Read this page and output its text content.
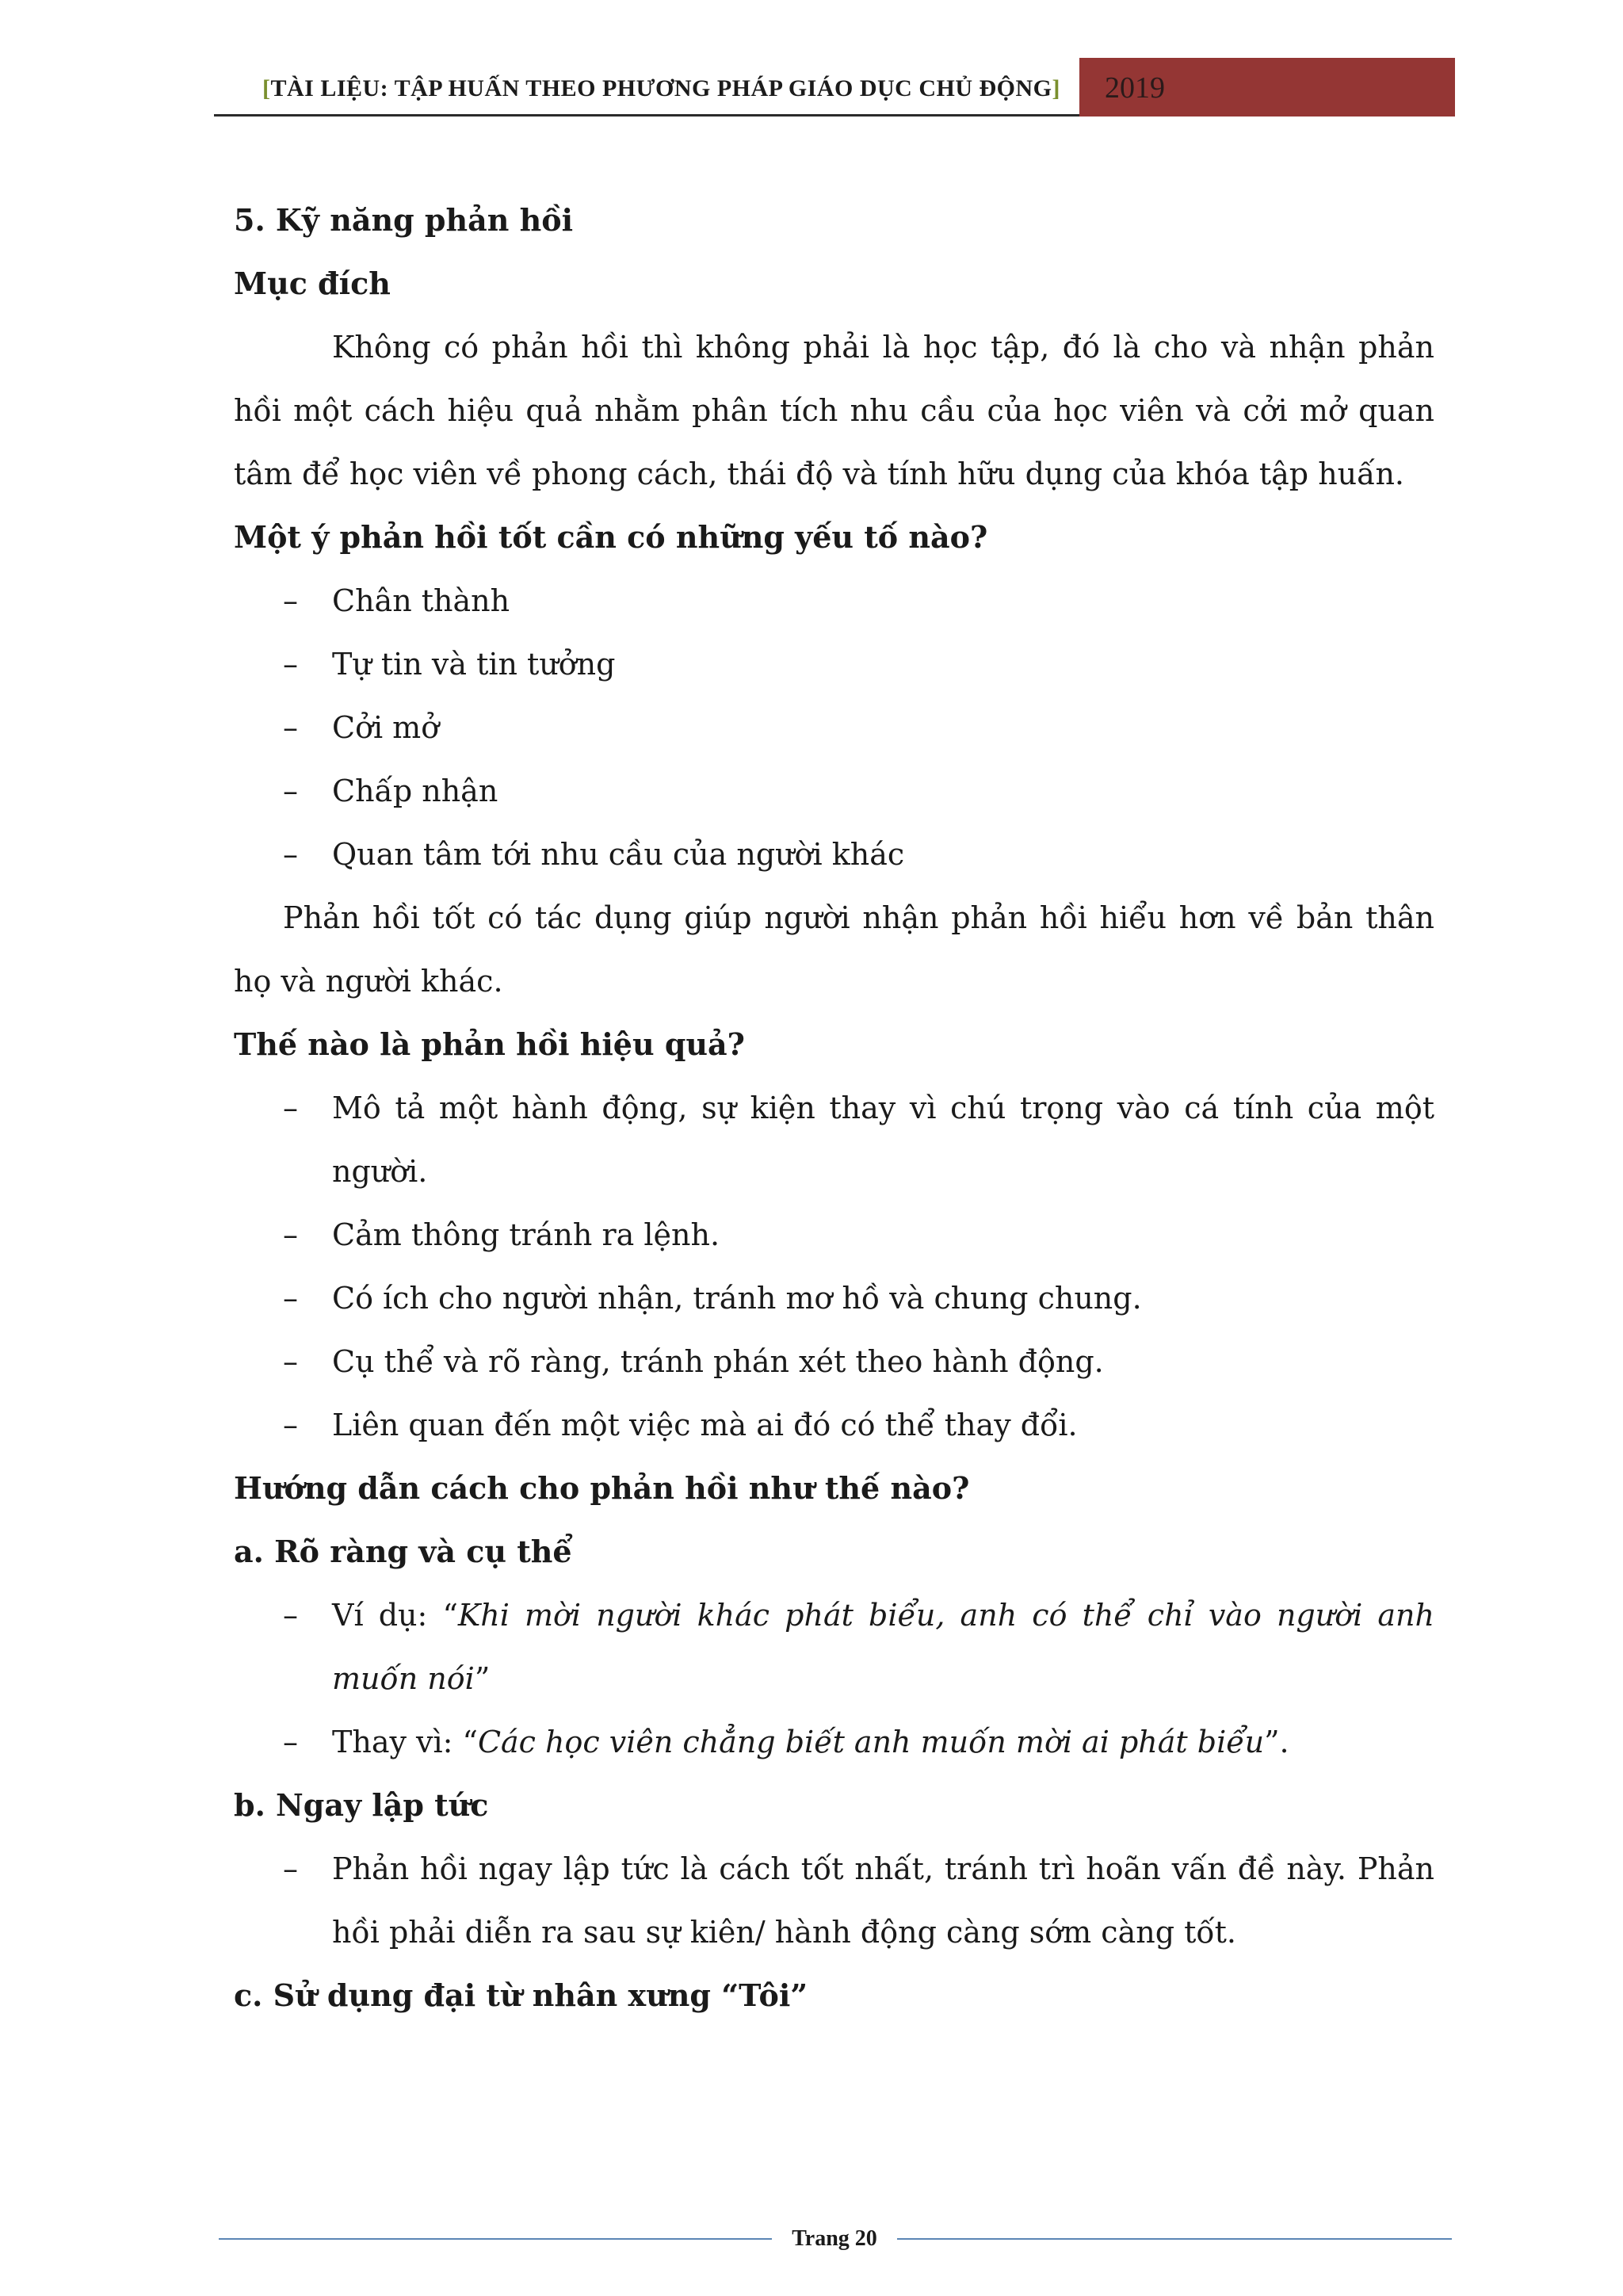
[TÀI LIỆU: TẬP HUẤN THEO PHƯƠNG PHÁP GIÁO DỤC CHỦ ĐỘNG]	2019
5. Kỹ năng phản hồi
Mục đích
Không có phản hồi thì không phải là học tập, đó là cho và nhận phản hồi một cách hiệu quả nhằm phân tích nhu cầu của học viên và cởi mở quan tâm để học viên về phong cách, thái độ và tính hữu dụng của khóa tập huấn.
Một ý phản hồi tốt cần có những yếu tố nào?
– Chân thành
– Tự tin và tin tưởng
– Cởi mở
– Chấp nhận
– Quan tâm tới nhu cầu của người khác
Phản hồi tốt có tác dụng giúp người nhận phản hồi hiểu hơn về bản thân họ và người khác.
Thế nào là phản hồi hiệu quả?
– Mô tả một hành động, sự kiện thay vì chú trọng vào cá tính của một người.
– Cảm thông tránh ra lệnh.
– Có ích cho người nhận, tránh mơ hồ và chung chung.
– Cụ thể và rõ ràng, tránh phán xét theo hành động.
– Liên quan đến một việc mà ai đó có thể thay đổi.
Hướng dẫn cách cho phản hồi như thế nào?
a. Rõ ràng và cụ thể
– Ví dụ: “Khi mời người khác phát biểu, anh có thể chỉ vào người anh muốn nói”
– Thay vì: “Các học viên chẳng biết anh muốn mời ai phát biểu”.
b. Ngay lập tức
– Phản hồi ngay lập tức là cách tốt nhất, tránh trì hoãn vấn đề này. Phản hồi phải diễn ra sau sự kiên/ hành động càng sớm càng tốt.
c. Sử dụng đại từ nhân xưng “Tôi”
Trang 20
